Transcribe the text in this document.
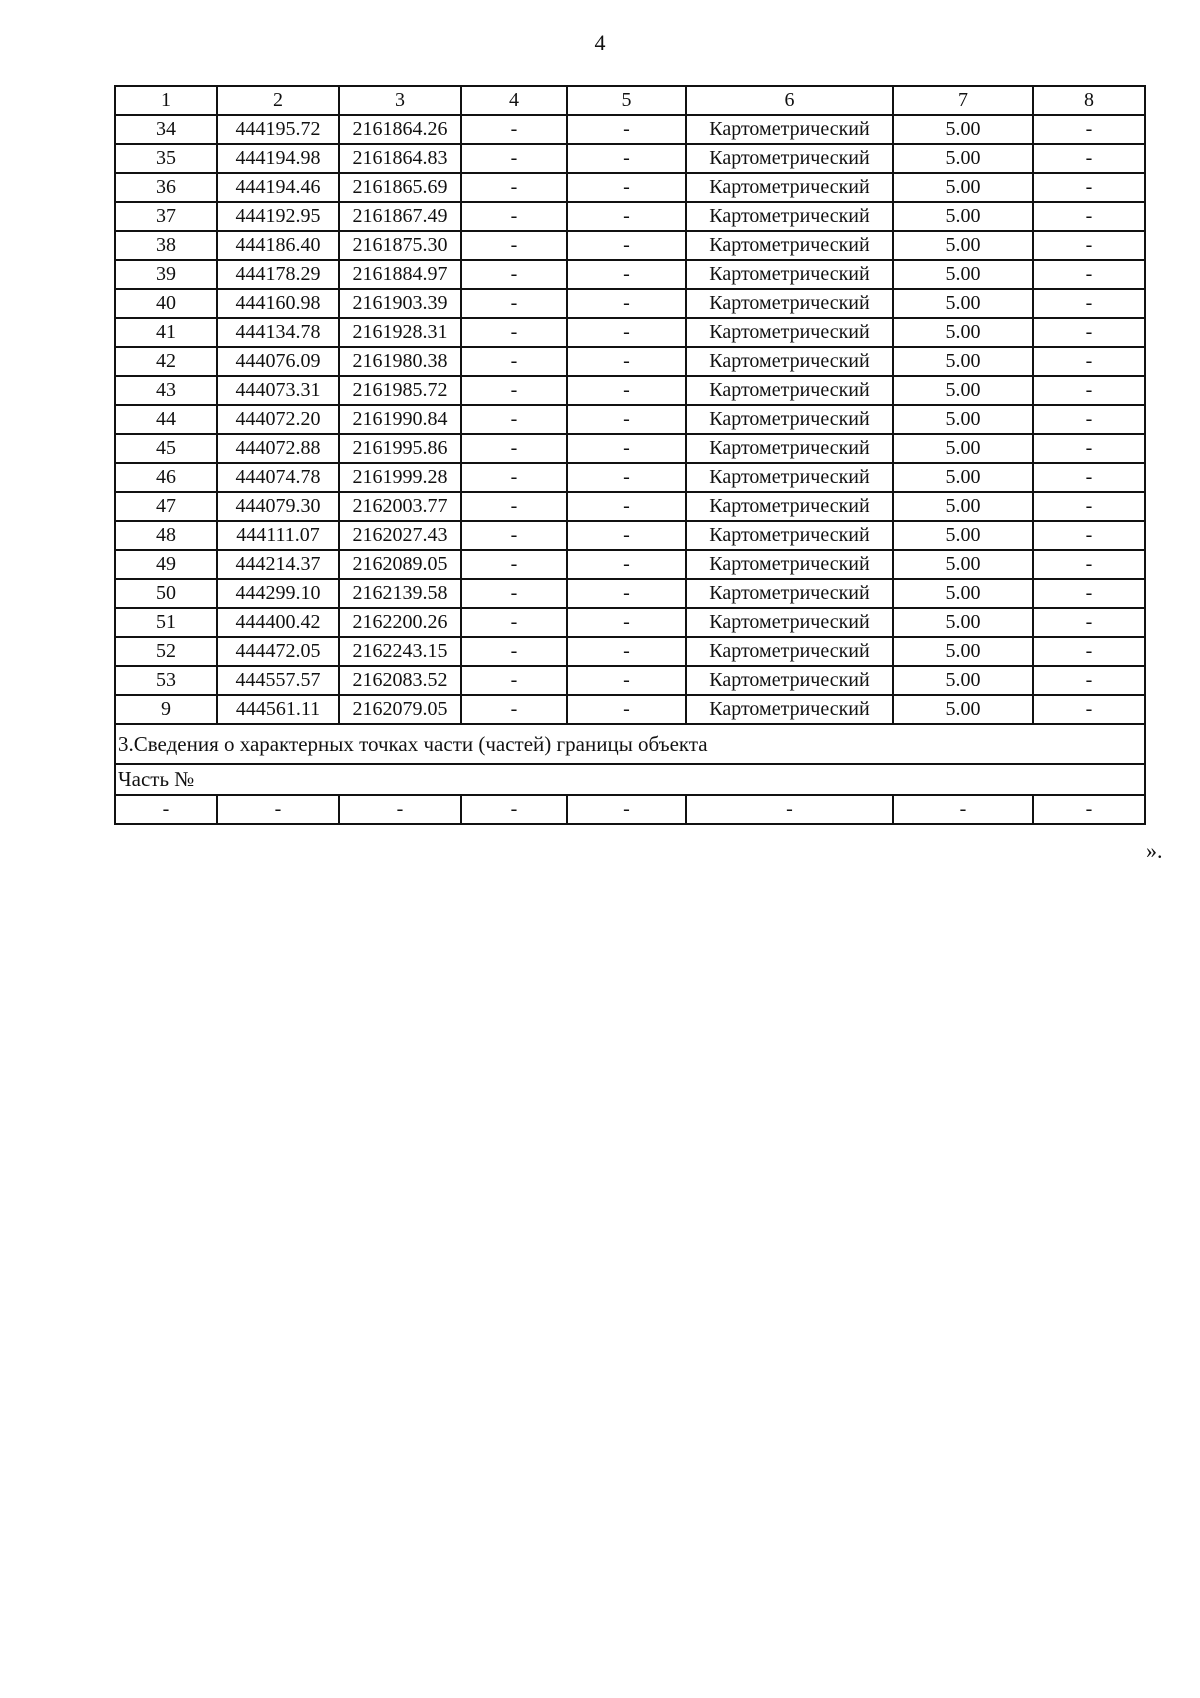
4
1	2	3	4	5	6	7	8
34	444195.72	2161864.26	-	-	Картометрический	5.00	-
35	444194.98	2161864.83	-	-	Картометрический	5.00	-
36	444194.46	2161865.69	-	-	Картометрический	5.00	-
37	444192.95	2161867.49	-	-	Картометрический	5.00	-
38	444186.40	2161875.30	-	-	Картометрический	5.00	-
39	444178.29	2161884.97	-	-	Картометрический	5.00	-
40	444160.98	2161903.39	-	-	Картометрический	5.00	-
41	444134.78	2161928.31	-	-	Картометрический	5.00	-
42	444076.09	2161980.38	-	-	Картометрический	5.00	-
43	444073.31	2161985.72	-	-	Картометрический	5.00	-
44	444072.20	2161990.84	-	-	Картометрический	5.00	-
45	444072.88	2161995.86	-	-	Картометрический	5.00	-
46	444074.78	2161999.28	-	-	Картометрический	5.00	-
47	444079.30	2162003.77	-	-	Картометрический	5.00	-
48	444111.07	2162027.43	-	-	Картометрический	5.00	-
49	444214.37	2162089.05	-	-	Картометрический	5.00	-
50	444299.10	2162139.58	-	-	Картометрический	5.00	-
51	444400.42	2162200.26	-	-	Картометрический	5.00	-
52	444472.05	2162243.15	-	-	Картометрический	5.00	-
53	444557.57	2162083.52	-	-	Картометрический	5.00	-
9	444561.11	2162079.05	-	-	Картометрический	5.00	-
3.Сведения о характерных точках части (частей) границы объекта							
Часть №							
-	-	-	-	-	-	-	-
».
